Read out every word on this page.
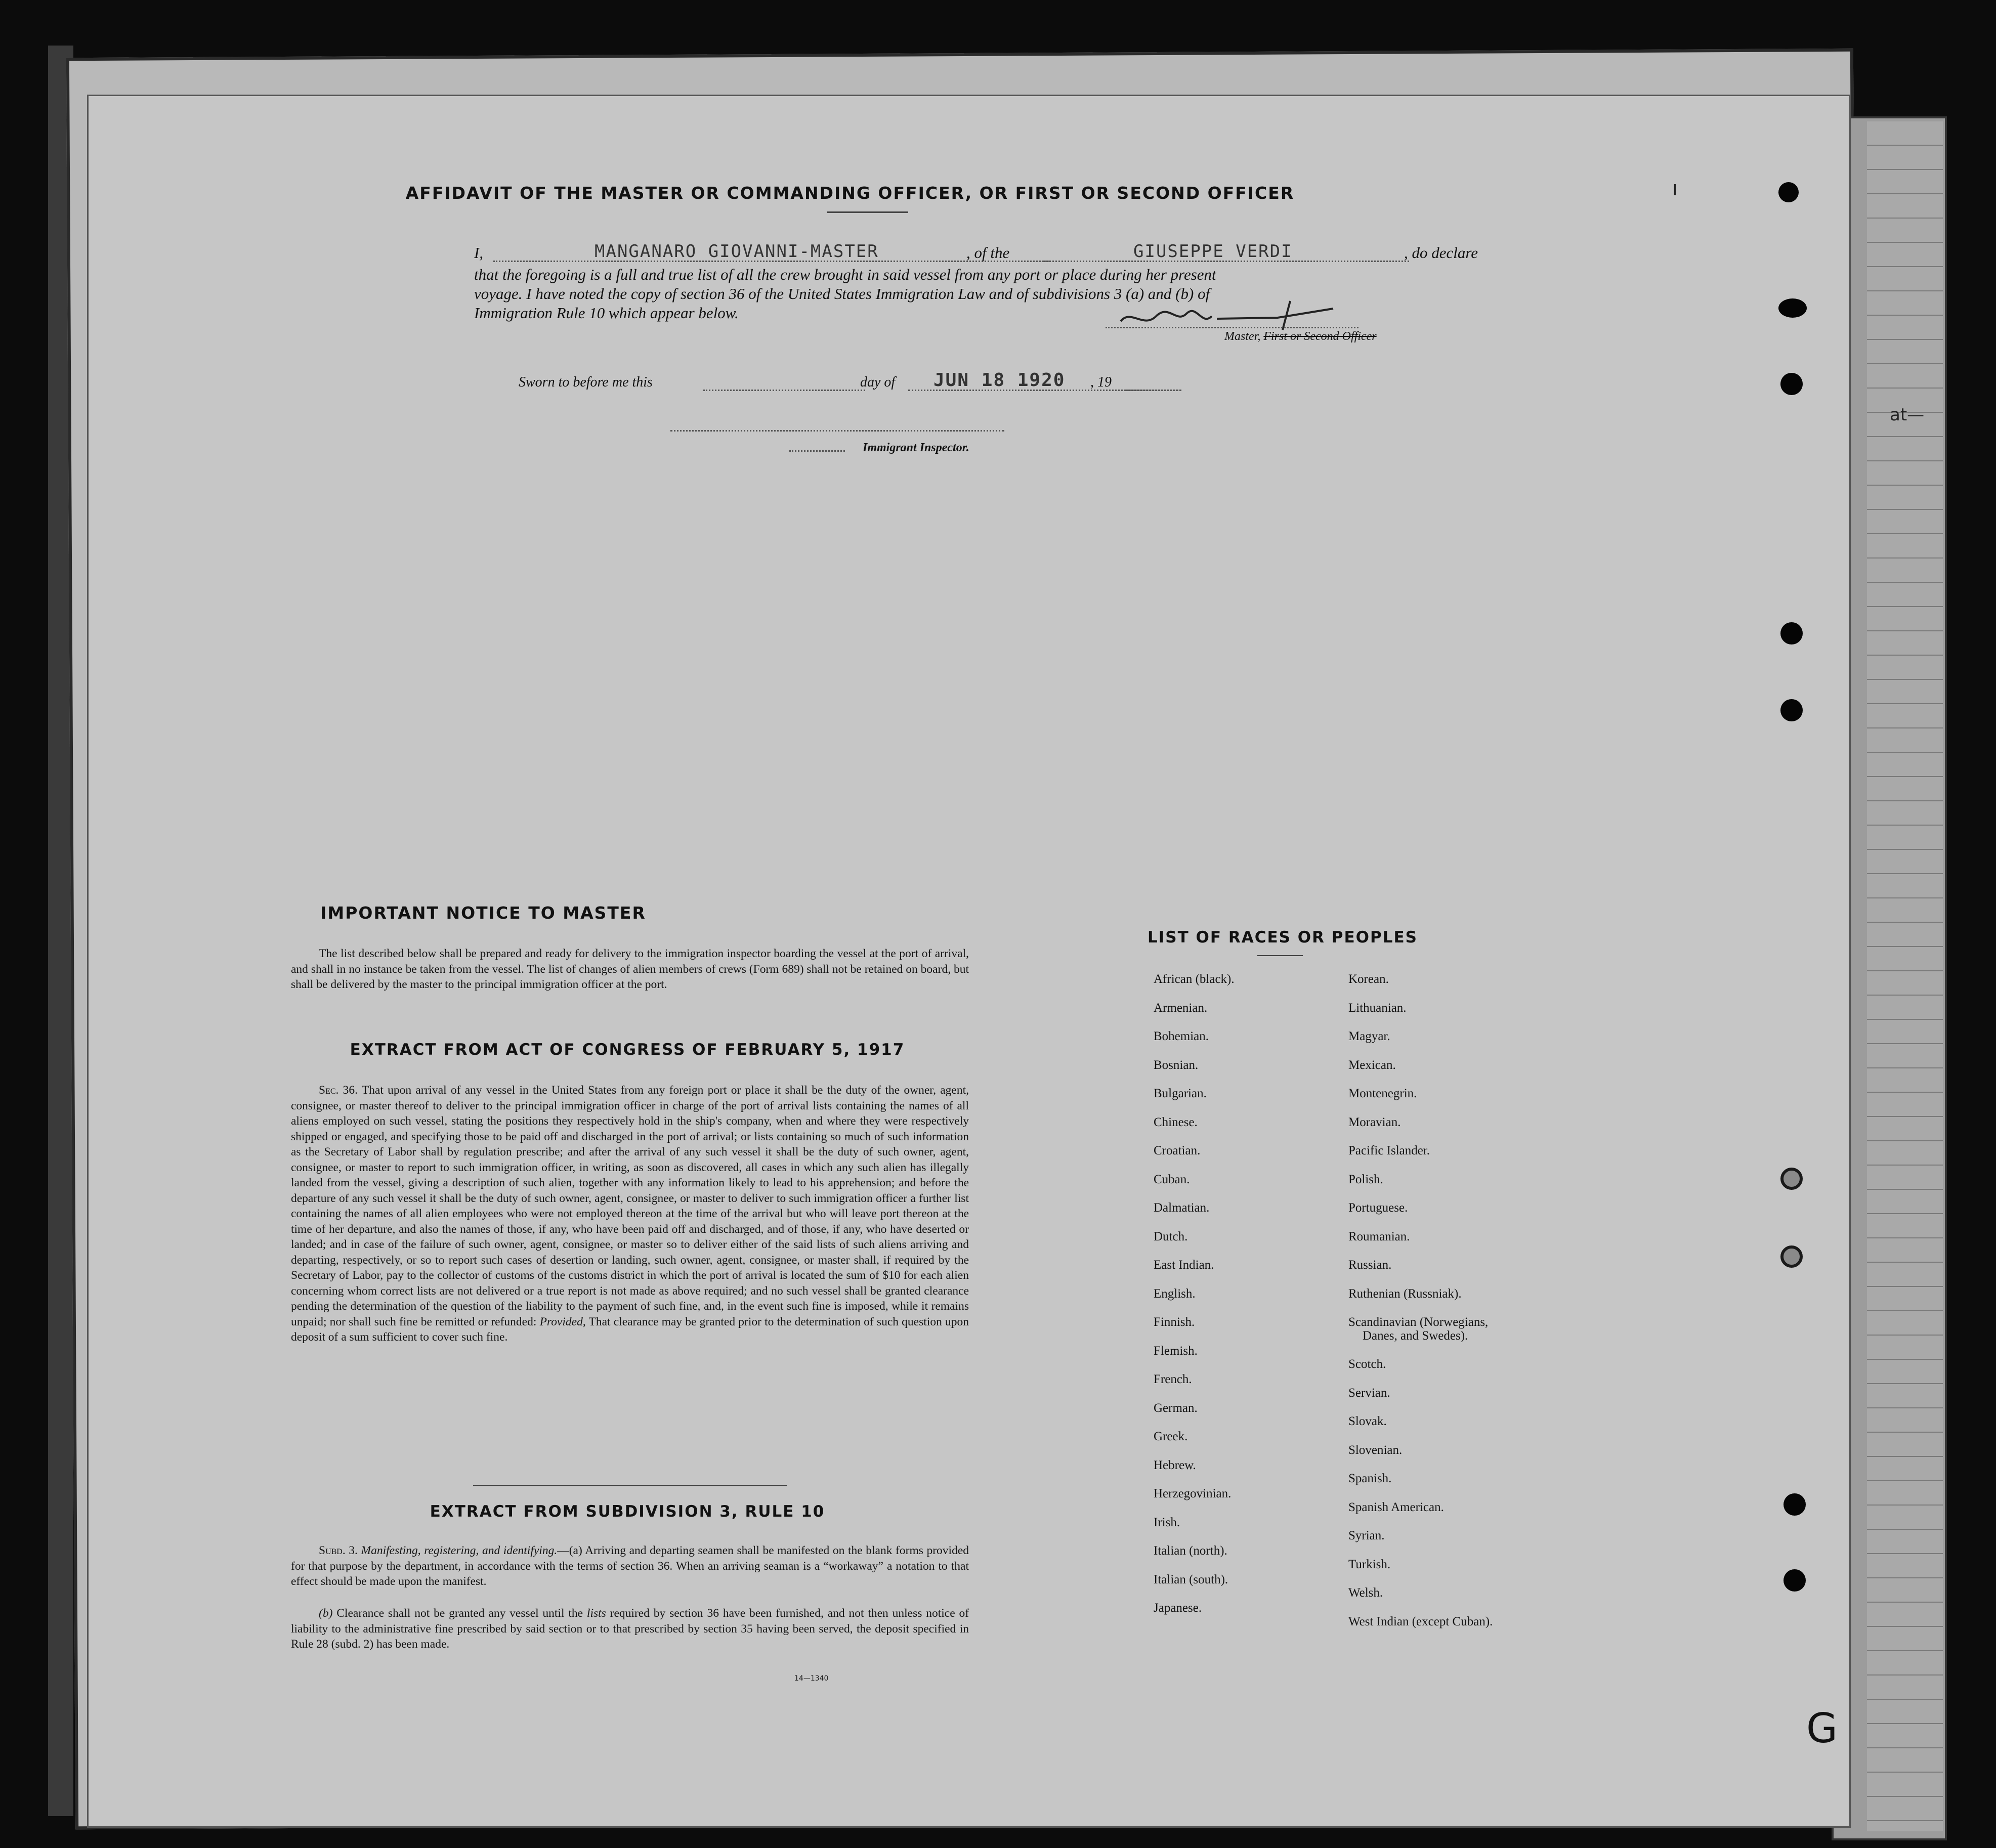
at—
AFFIDAVIT OF THE MASTER OR COMMANDING OFFICER, OR FIRST OR SECOND OFFICER
I,	MANGANARO GIOVANNI-MASTER	, of the	GIUSEPPE VERDI	, do declare
that the foregoing is a full and true list of all the crew brought in said vessel from any port or place during her present
voyage. I have noted the copy of section 36 of the United States Immigration Law and of subdivisions 3 (a) and (b) of
Immigration Rule 10 which appear below.
Master, First or Second Officer
Sworn to before me this	day of JUN 18 1920 , 19
Immigrant Inspector.
IMPORTANT NOTICE TO MASTER
The list described below shall be prepared and ready for delivery to the immigration inspector boarding the vessel at the port of arrival, and shall in no instance be taken from the vessel. The list of changes of alien members of crews (Form 689) shall not be retained on board, but shall be delivered by the master to the principal immigration officer at the port.
EXTRACT FROM ACT OF CONGRESS OF FEBRUARY 5, 1917
Sec. 36. That upon arrival of any vessel in the United States from any foreign port or place it shall be the duty of the owner, agent, consignee, or master thereof to deliver to the principal immigration officer in charge of the port of arrival lists containing the names of all aliens employed on such vessel, stating the positions they respectively hold in the ship's company, when and where they were respectively shipped or engaged, and specifying those to be paid off and discharged in the port of arrival; or lists containing so much of such information as the Secretary of Labor shall by regulation prescribe; and after the arrival of any such vessel it shall be the duty of such owner, agent, consignee, or master to report to such immigration officer, in writing, as soon as discovered, all cases in which any such alien has illegally landed from the vessel, giving a description of such alien, together with any information likely to lead to his apprehension; and before the departure of any such vessel it shall be the duty of such owner, agent, consignee, or master to deliver to such immigration officer a further list containing the names of all alien employees who were not employed thereon at the time of the arrival but who will leave port thereon at the time of her departure, and also the names of those, if any, who have been paid off and discharged, and of those, if any, who have deserted or landed; and in case of the failure of such owner, agent, consignee, or master so to deliver either of the said lists of such aliens arriving and departing, respectively, or so to report such cases of desertion or landing, such owner, agent, consignee, or master shall, if required by the Secretary of Labor, pay to the collector of customs of the customs district in which the port of arrival is located the sum of $10 for each alien concerning whom correct lists are not delivered or a true report is not made as above required; and no such vessel shall be granted clearance pending the determination of the question of the liability to the payment of such fine, and, in the event such fine is imposed, while it remains unpaid; nor shall such fine be remitted or refunded: Provided, That clearance may be granted prior to the determination of such question upon deposit of a sum sufficient to cover such fine.
EXTRACT FROM SUBDIVISION 3, RULE 10
Subd. 3. Manifesting, registering, and identifying.—(a) Arriving and departing seamen shall be manifested on the blank forms provided for that purpose by the department, in accordance with the terms of section 36. When an arriving seaman is a “workaway” a notation to that effect should be made upon the manifest.
(b) Clearance shall not be granted any vessel until the lists required by section 36 have been furnished, and not then unless notice of liability to the administrative fine prescribed by said section or to that prescribed by section 35 having been served, the deposit specified in Rule 28 (subd. 2) has been made.
14—1340
LIST OF RACES OR PEOPLES
African (black).
Armenian.
Bohemian.
Bosnian.
Bulgarian.
Chinese.
Croatian.
Cuban.
Dalmatian.
Dutch.
East Indian.
English.
Finnish.
Flemish.
French.
German.
Greek.
Hebrew.
Herzegovinian.
Irish.
Italian (north).
Italian (south).
Japanese.
Korean.
Lithuanian.
Magyar.
Mexican.
Montenegrin.
Moravian.
Pacific Islander.
Polish.
Portuguese.
Roumanian.
Russian.
Ruthenian (Russniak).
Scandinavian (Norwegians,
Danes, and Swedes).
Scotch.
Servian.
Slovak.
Slovenian.
Spanish.
Spanish American.
Syrian.
Turkish.
Welsh.
West Indian (except Cuban).
ı
G
